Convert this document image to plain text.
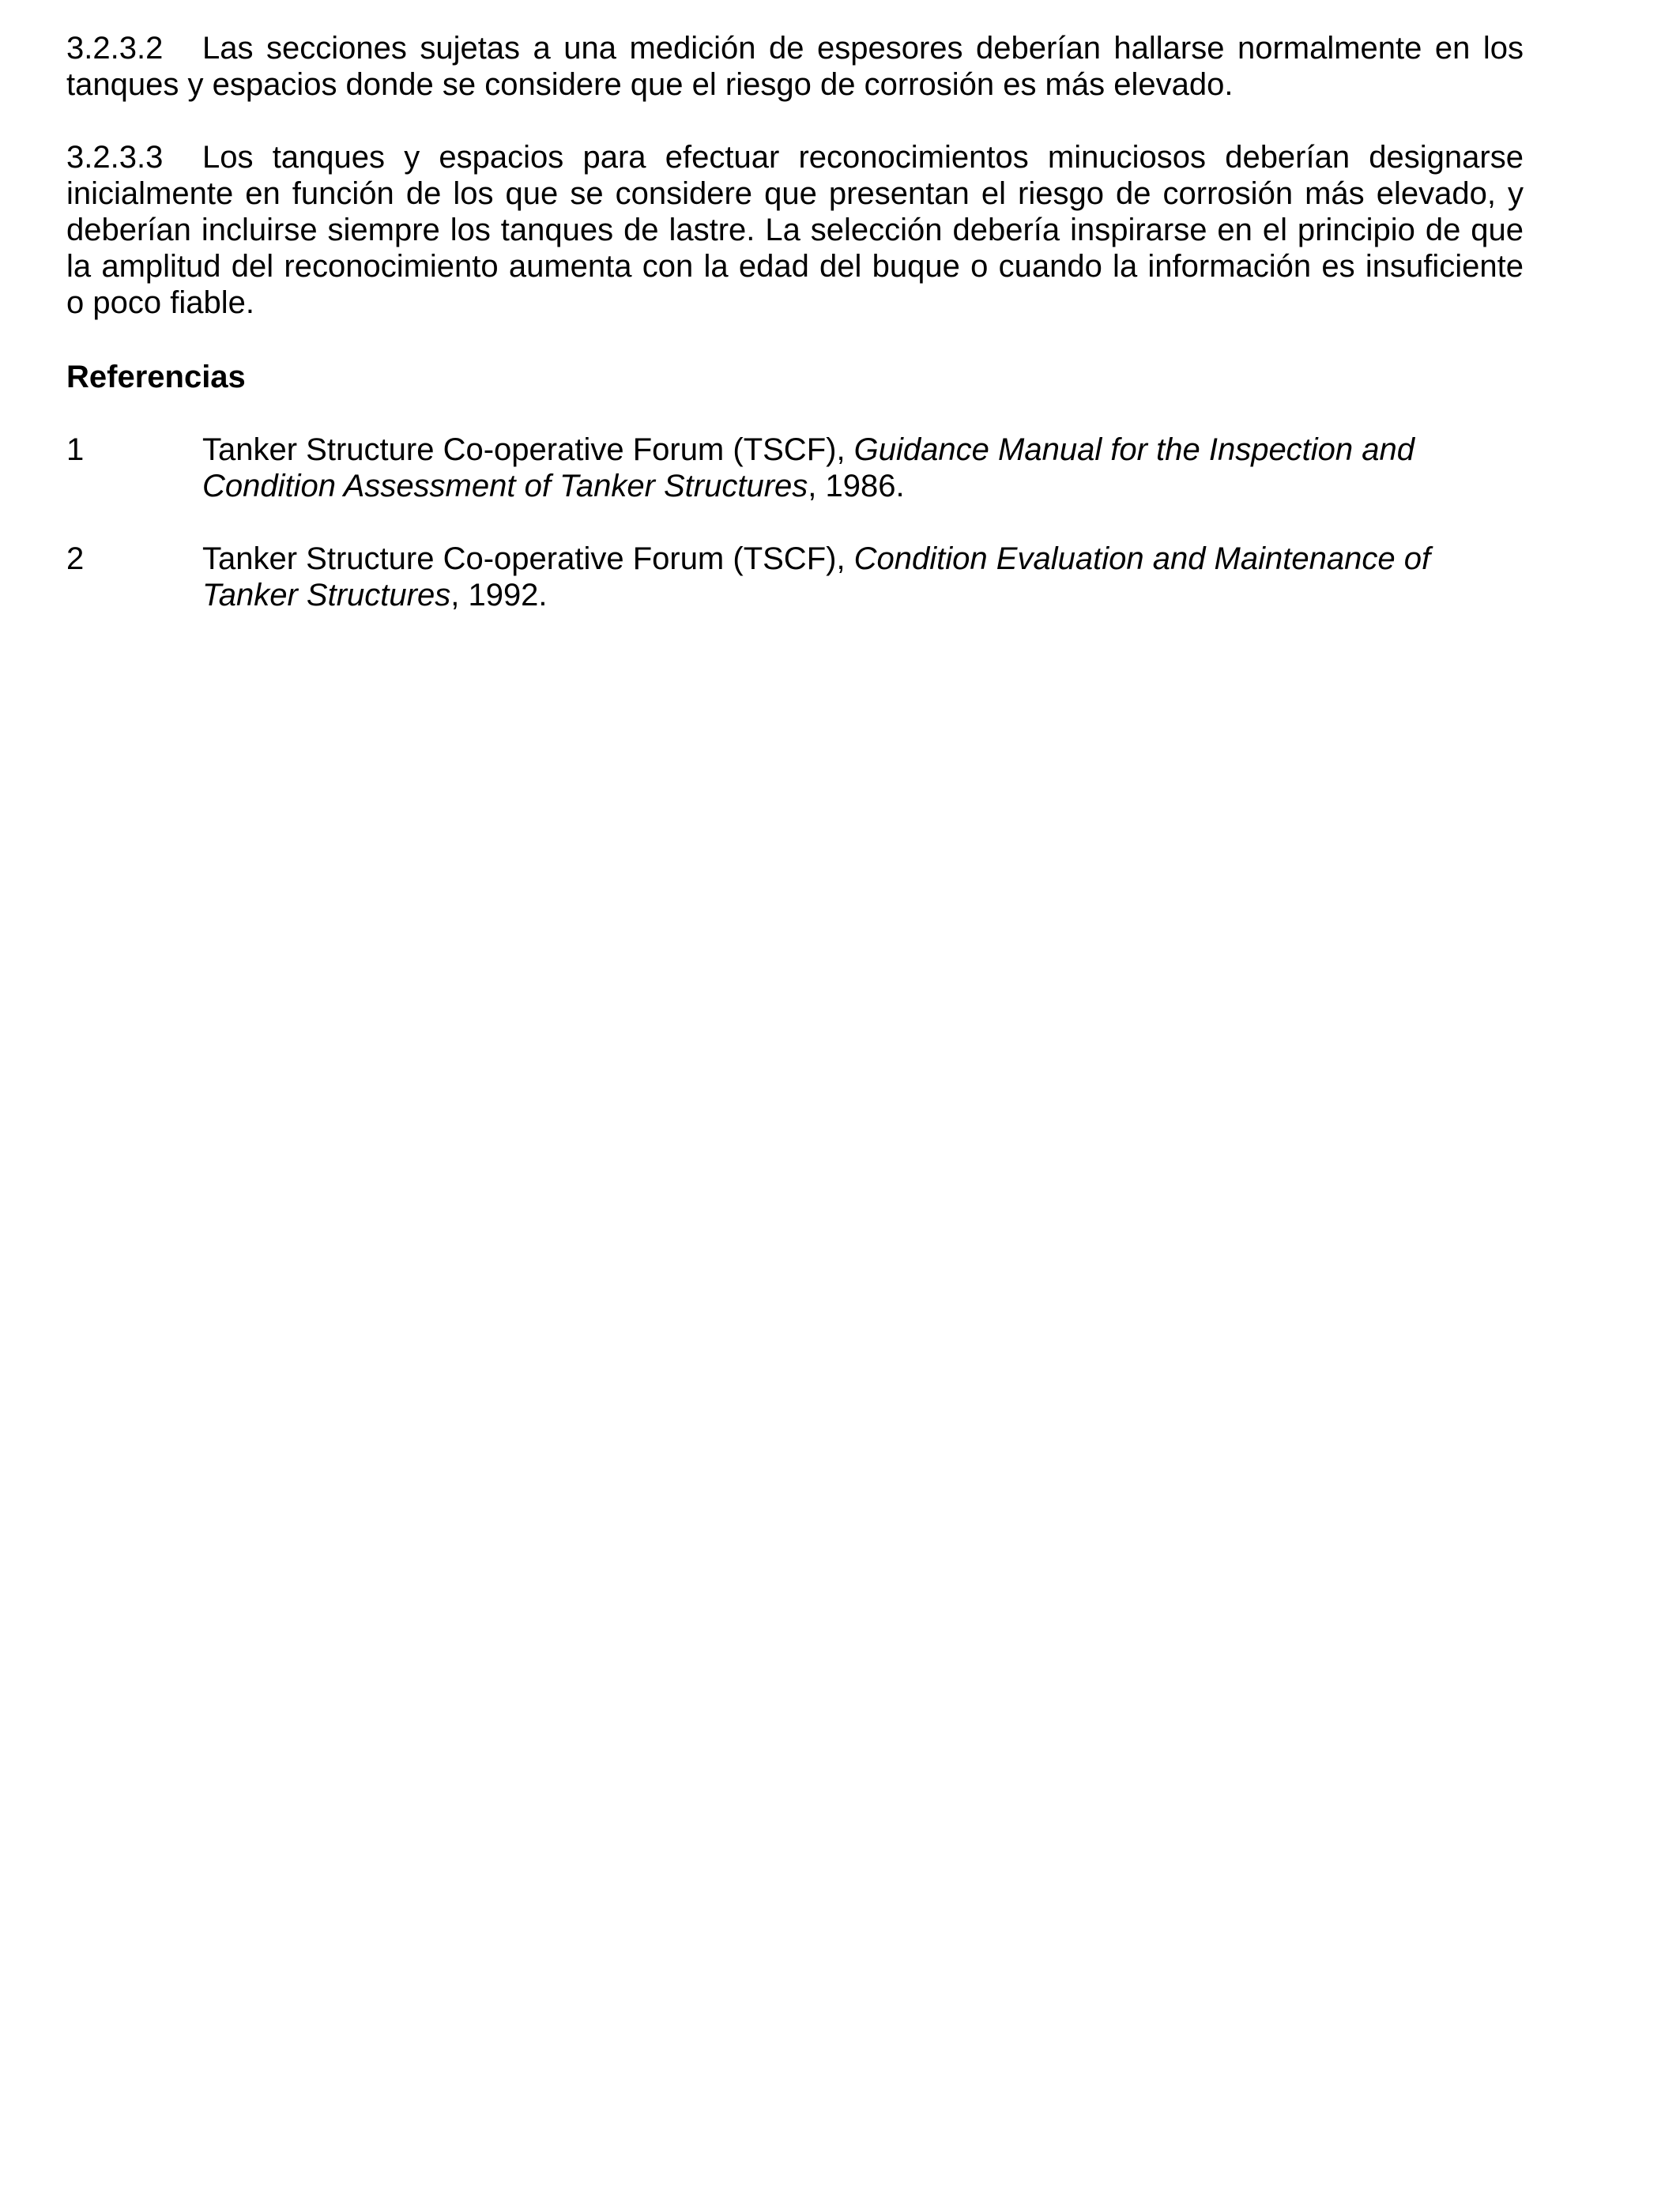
3.2.3.2 Las secciones sujetas a una medición de espesores deberían hallarse normalmente en los tanques y espacios donde se considere que el riesgo de corrosión es más elevado.

3.2.3.3 Los tanques y espacios para efectuar reconocimientos minuciosos deberían designarse inicialmente en función de los que se considere que presentan el riesgo de corrosión más elevado, y deberían incluirse siempre los tanques de lastre. La selección debería inspirarse en el principio de que la amplitud del reconocimiento aumenta con la edad del buque o cuando la información es insuficiente o poco fiable.

Referencias

1	Tanker Structure Co-operative Forum (TSCF), Guidance Manual for the Inspection and Condition Assessment of Tanker Structures, 1986.
2	Tanker Structure Co-operative Forum (TSCF), Condition Evaluation and Maintenance of Tanker Structures, 1992.
